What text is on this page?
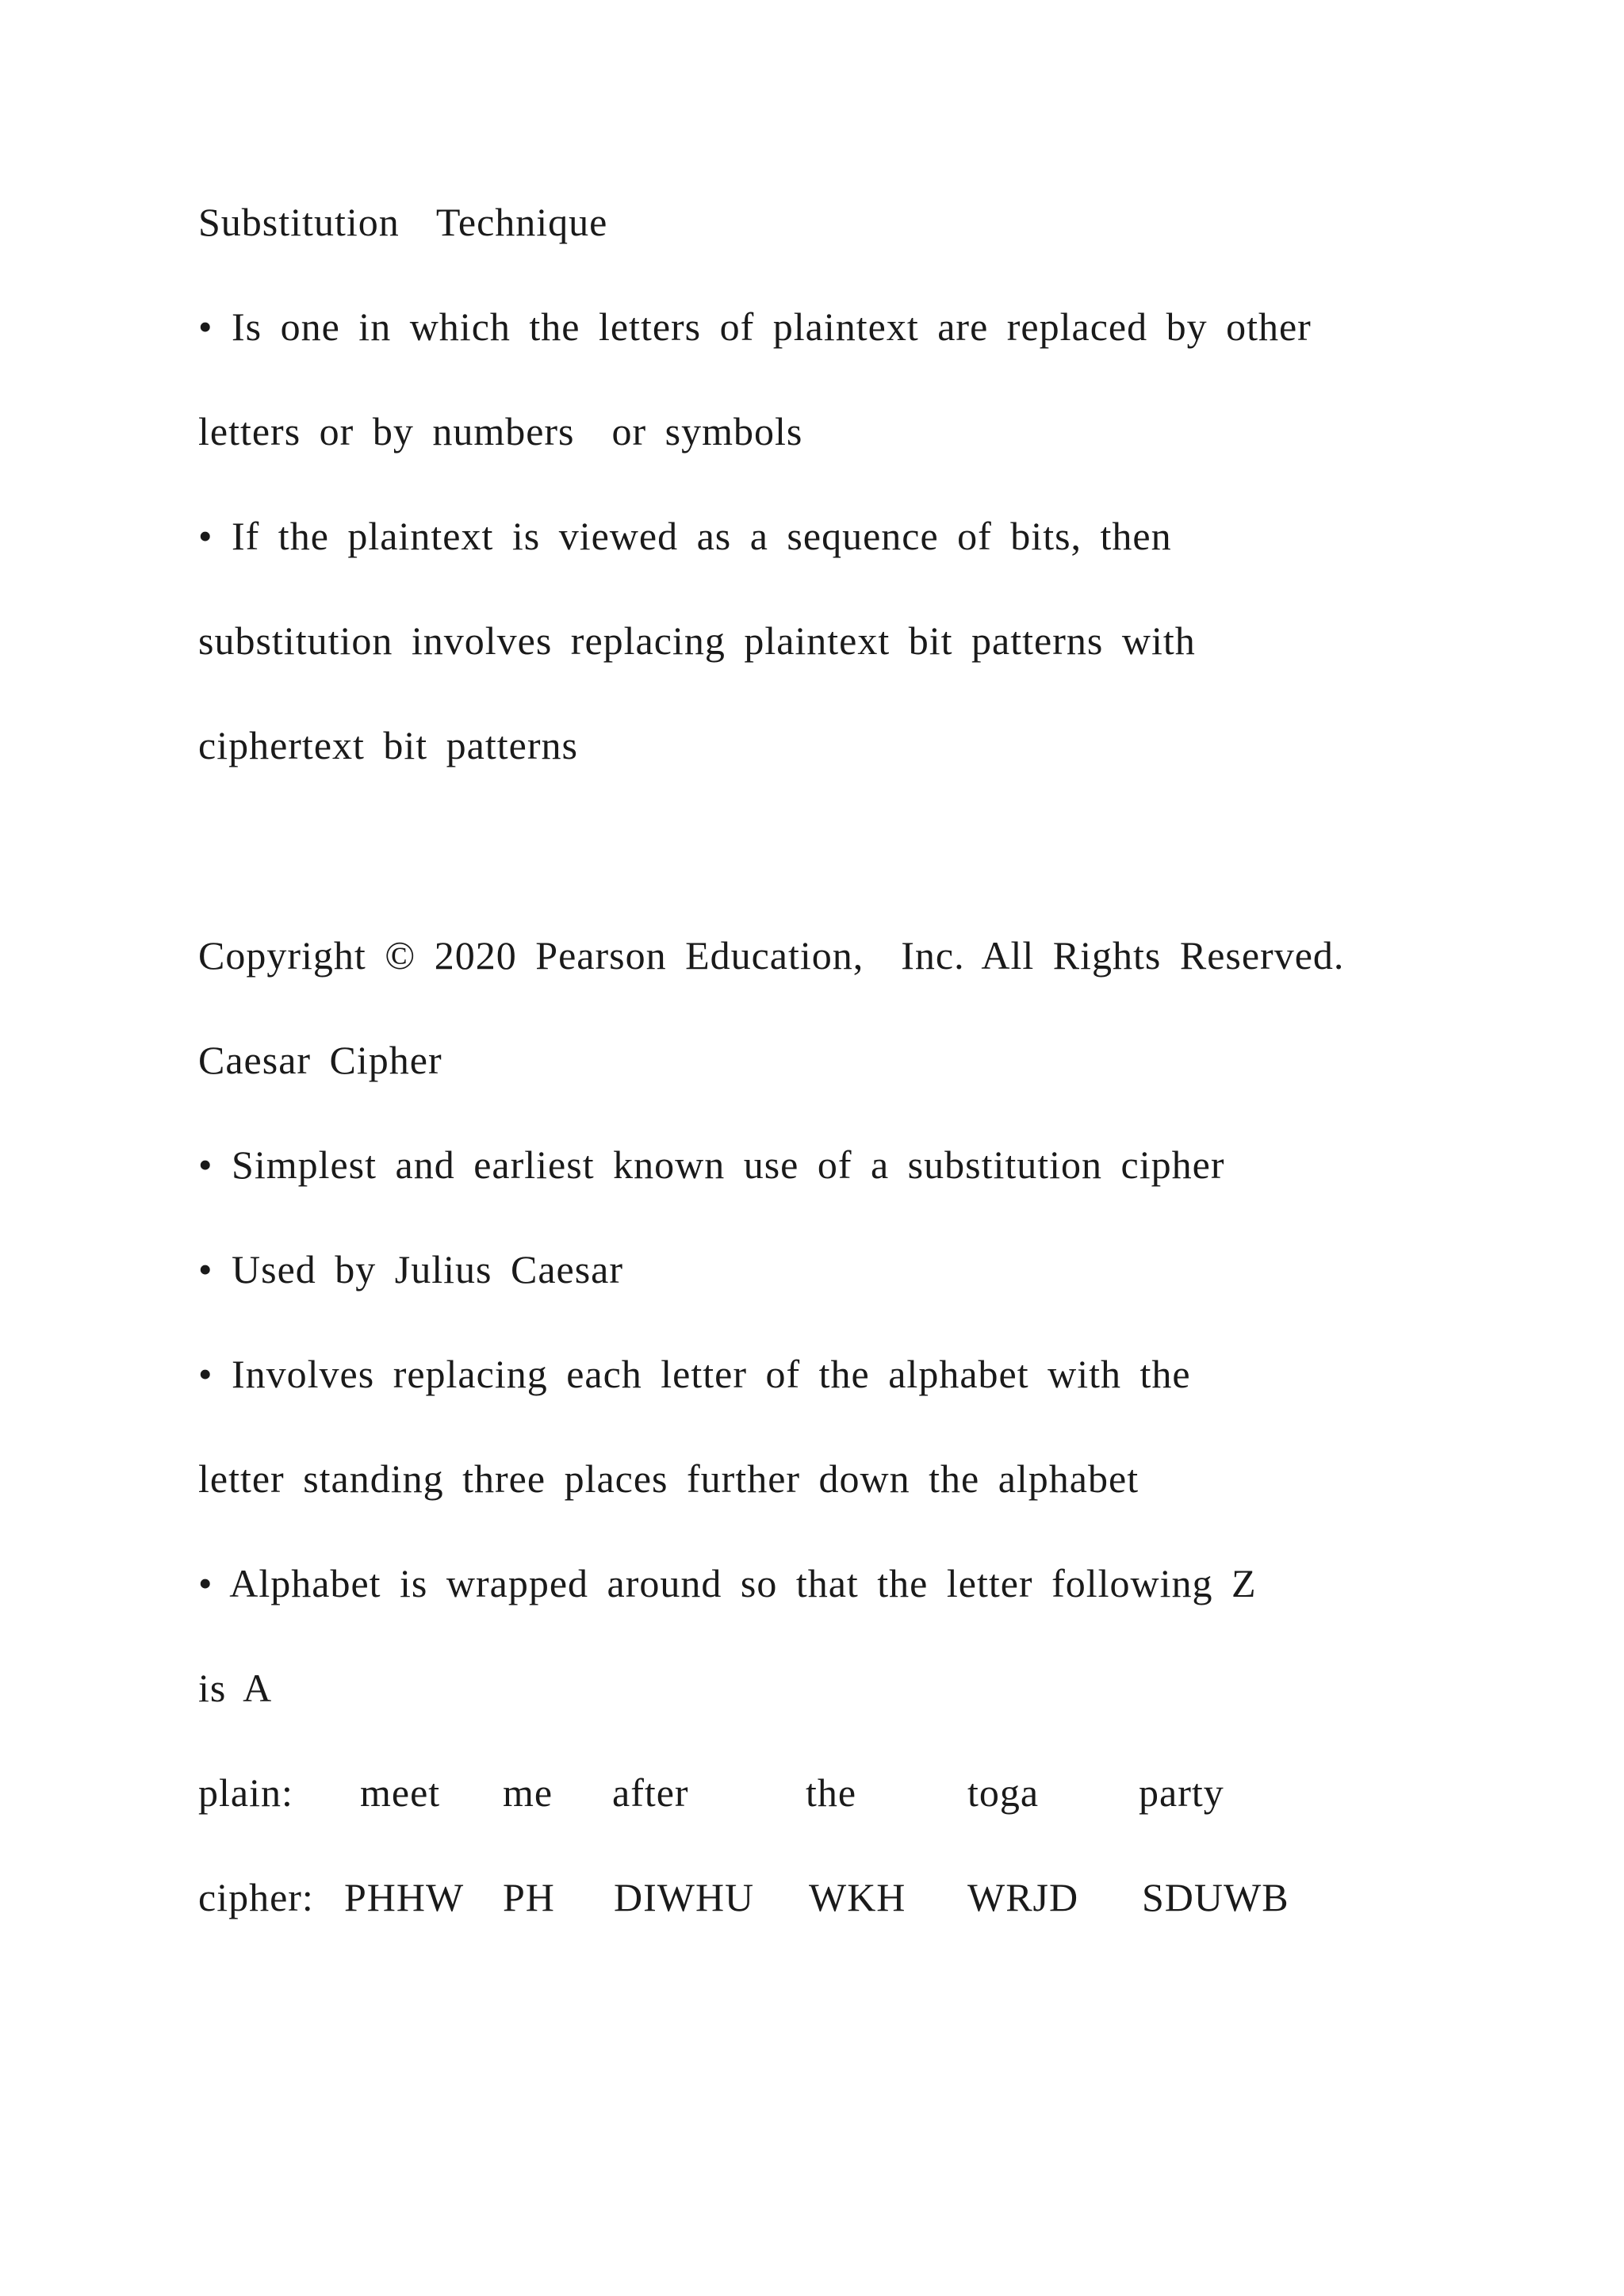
Substitution  Technique
• Is one in which the letters of plaintext are replaced by other
letters or by numbers  or symbols
• If the plaintext is viewed as a sequence of bits, then
substitution involves replacing plaintext bit patterns with
ciphertext bit patterns
Copyright © 2020 Pearson Education,  Inc. All Rights Reserved.
Caesar Cipher
• Simplest and earliest known use of a substitution cipher
• Used by Julius Caesar
• Involves replacing each letter of the alphabet with the
letter standing three places further down the alphabet
• Alphabet is wrapped around so that the letter following Z
is A
plain: meet me after	the	toga	party
cipher: PHHW PH DIWHU WKH WRJD SDUWB
